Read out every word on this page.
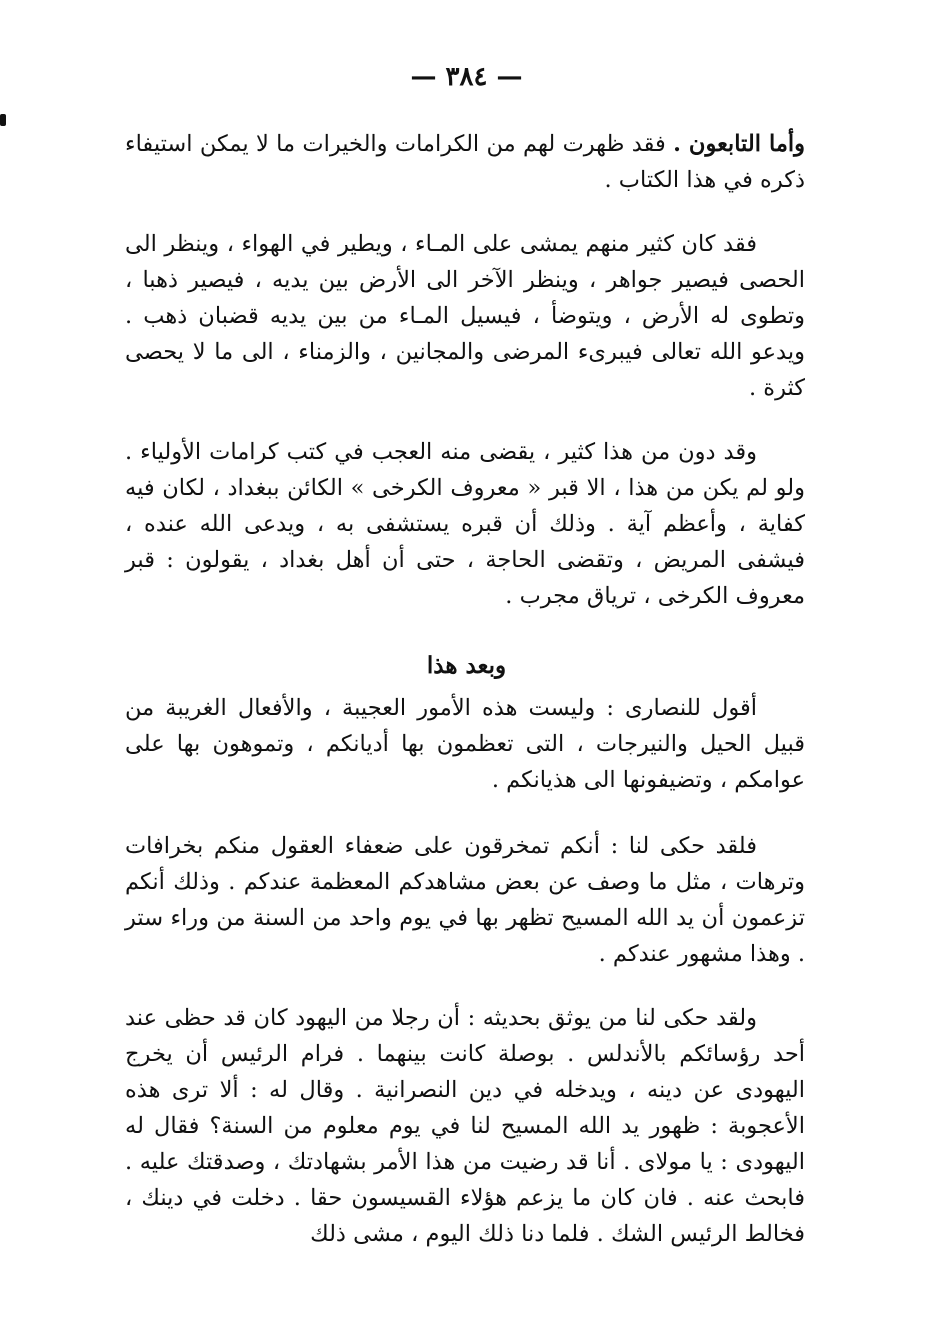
— ٣٨٤ —

وأما التابعون . فقد ظهرت لهم من الكرامات والخيرات ما لا يمكن استيفاء ذكره في هذا الكتاب .

فقد كان كثير منهم يمشى على المـاء ، ويطير في الهواء ، وينظر الى الحصى فيصير جواهر ، وينظر الآخر الى الأرض بين يديه ، فيصير ذهبا ، وتطوى له الأرض ، ويتوضأ ، فيسيل المـاء من بين يديه قضبان ذهب . ويدعو الله تعالى فيبرىء المرضى والمجانين ، والزمناء ، الى ما لا يحصى كثرة .

وقد دون من هذا كثير ، يقضى منه العجب في كتب كرامات الأولياء . ولو لم يكن من هذا ، الا قبر « معروف الكرخى » الكائن ببغداد ، لكان فيه كفاية ، وأعظم آية . وذلك أن قبره يستشفى به ، ويدعى الله عنده ، فيشفى المريض ، وتقضى الحاجة ، حتى أن أهل بغداد ، يقولون : قبر معروف الكرخى ، ترياق مجرب .

وبعد هذا

أقول للنصارى : وليست هذه الأمور العجيبة ، والأفعال الغريبة من قبيل الحيل والنيرجات ، التى تعظمون بها أديانكم ، وتموهون بها على عوامكم ، وتضيفونها الى هذيانكم .

فلقد حكى لنا : أنكم تمخرقون على ضعفاء العقول منكم بخرافات وترهات ، مثل ما وصف عن بعض مشاهدكم المعظمة عندكم . وذلك أنكم تزعمون أن يد الله المسيح تظهر بها في يوم واحد من السنة من وراء ستر . وهذا مشهور عندكم .

ولقد حكى لنا من يوثق بحديثه : أن رجلا من اليهود كان قد حظى عند أحد رؤسائكم بالأندلس . بوصلة كانت بينهما . فرام الرئيس أن يخرج اليهودى عن دينه ، ويدخله في دين النصرانية . وقال له : ألا ترى هذه الأعجوبة : ظهور يد الله المسيح لنا في يوم معلوم من السنة؟ فقال له اليهودى : يا مولاى . أنا قد رضيت من هذا الأمر بشهادتك ، وصدقتك عليه . فابحث عنه . فان كان ما يزعم هؤلاء القسيسون حقا . دخلت في دينك ، فخالط الرئيس الشك . فلما دنا ذلك اليوم ، مشى ذلك
